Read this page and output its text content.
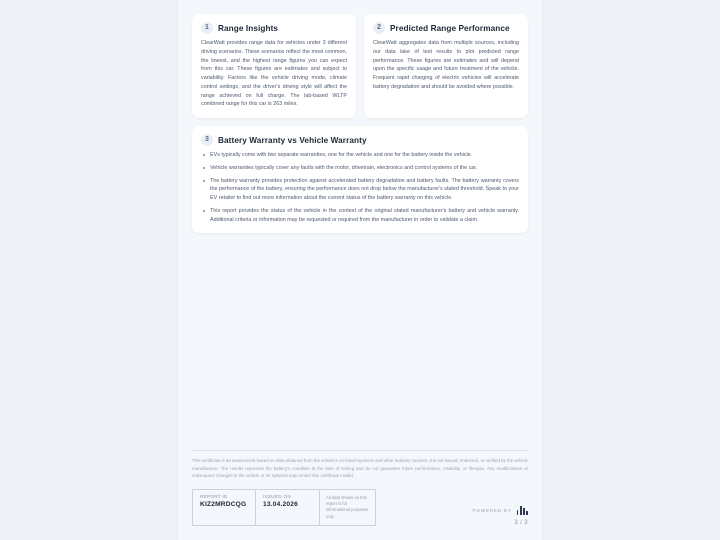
1	Range Insights
ClearWatt provides range data for vehicles under 3 different driving scenarios. These scenarios reflect the most common, the lowest, and the highest range figures you can expect from this car. These figures are estimates and subject to variability. Factors like the vehicle driving mode, climate control settings, and the driver's driving style will affect the range achieved on full charge. The lab-based WLTP combined range for this car is 263 miles.
2	Predicted Range Performance
ClearWatt aggregates data from multiple sources, including our data lake of test results to plot predicted range performance. These figures are estimates and will depend upon the specific usage and future treatment of the vehicle. Frequent rapid charging of electric vehicles will accelerate battery degradation and should be avoided where possible.
3	Battery Warranty vs Vehicle Warranty
EVs typically come with two separate warranties, one for the vehicle and one for the battery inside the vehicle.
Vehicle warranties typically cover any faults with the motor, drivetrain, electronics and control systems of the car.
The battery warranty provides protection against accelerated battery degradation and battery faults. The battery warranty covers the performance of the battery, ensuring the performance does not drop below the manufacturer's stated threshold. Speak to your EV retailer to find out more information about the current status of the battery warranty on this vehicle.
This report provides the status of the vehicle in the context of the original stated manufacturer's battery and vehicle warranty. Additional criteria or information may be requested or required from the manufacturer in order to validate a claim.
This certificate is an assessment based on data obtained from the vehicle's on-board systems and other industry sources. It is not issued, endorsed, or verified by the vehicle manufacturer. The results represent the battery's condition at the time of testing and do not guarantee future performance, reliability, or lifespan. Any modifications or subsequent changes to the vehicle or its systems may render this certificate invalid.
REPORT ID
KIZ2MRDCQG
ISSUED ON
13.04.2026
All data shown on this report is for informational purposes only.
POWERED BY
3 / 3
